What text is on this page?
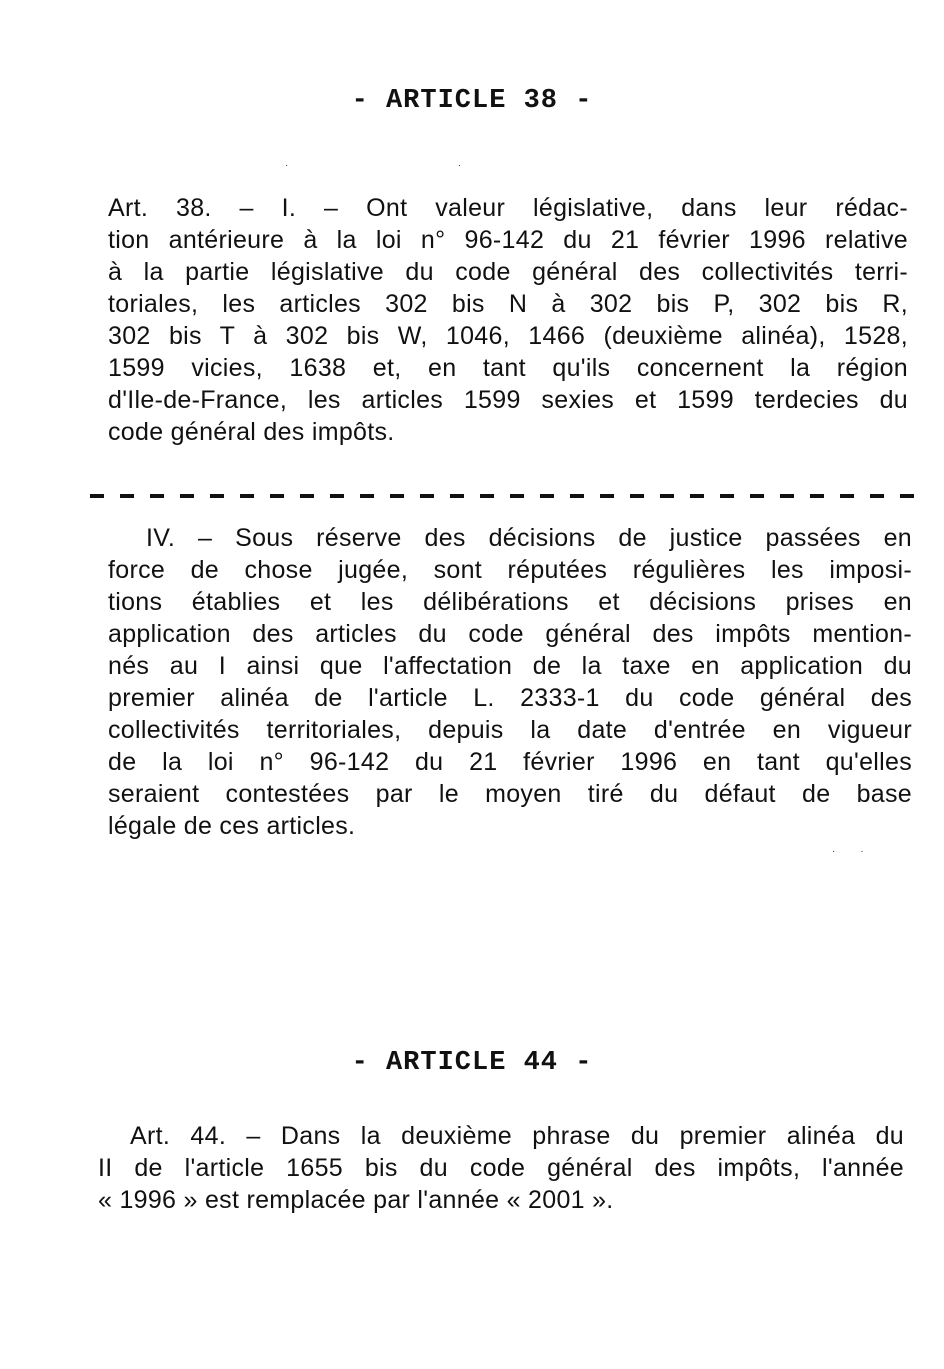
- ARTICLE 38 -
·                                                             ·
Art. 38. – I. – Ont valeur législative, dans leur rédac-
tion antérieure à la loi n° 96-142 du 21 février 1996 relative
à la partie législative du code général des collectivités terri-
toriales, les articles 302 bis N à 302 bis P, 302 bis R,
302 bis T à 302 bis W, 1046, 1466 (deuxième alinéa), 1528,
1599 vicies, 1638 et, en tant qu'ils concernent la région
d'Ile-de-France, les articles 1599 sexies et 1599 terdecies du
code général des impôts.
IV. – Sous réserve des décisions de justice passées en
force de chose jugée, sont réputées régulières les imposi-
tions établies et les délibérations et décisions prises en
application des articles du code général des impôts mention-
nés au I ainsi que l'affectation de la taxe en application du
premier alinéa de l'article L. 2333-1 du code général des
collectivités territoriales, depuis la date d'entrée en vigueur
de la loi n° 96-142 du 21 février 1996 en tant qu'elles
seraient contestées par le moyen tiré du défaut de base
légale de ces articles.
·         ·
- ARTICLE 44 -
Art. 44. – Dans la deuxième phrase du premier alinéa du
II de l'article 1655 bis du code général des impôts, l'année
« 1996 » est remplacée par l'année « 2001 ».
